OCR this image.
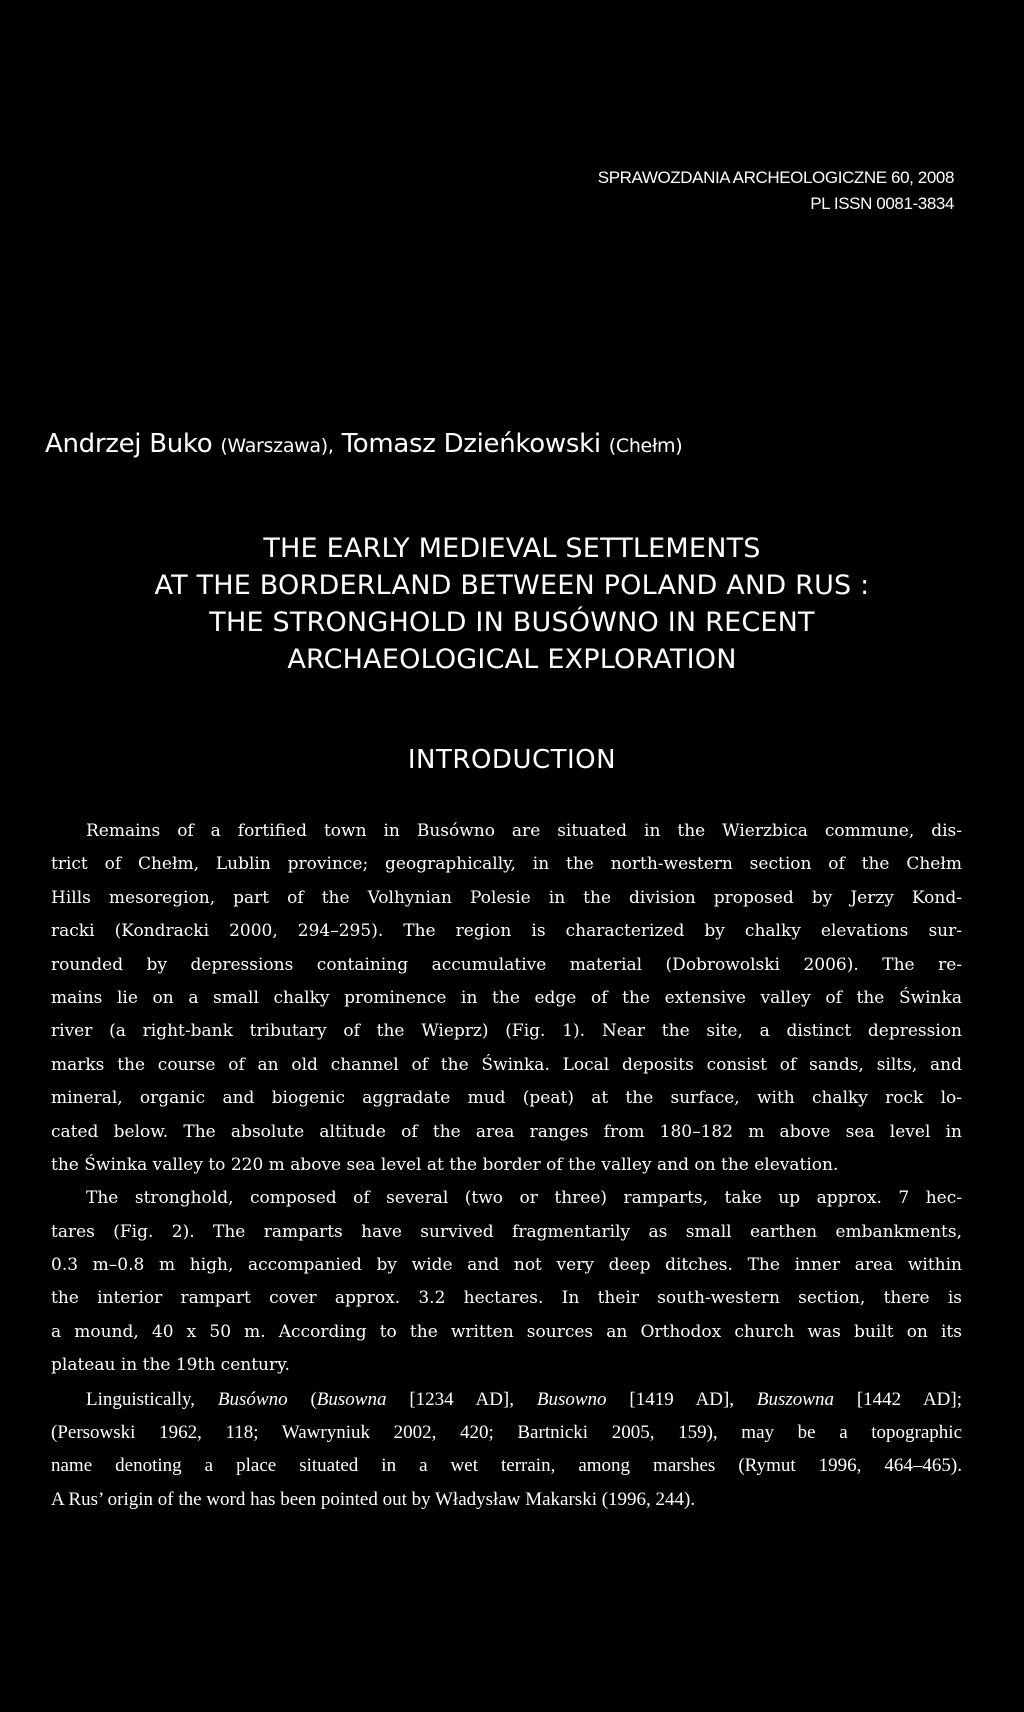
SPRAWOZDANIA ARCHEOLOGICZNE 60, 2008
PL ISSN 0081-3834
Andrzej Buko (Warszawa), Tomasz Dzieńkowski (Chełm)
THE EARLY MEDIEVAL SETTLEMENTS
AT THE BORDERLAND BETWEEN POLAND AND RUS :
THE STRONGHOLD IN BUSÓWNO IN RECENT
ARCHAEOLOGICAL EXPLORATION
INTRODUCTION
Remains of a fortified town in Busówno are situated in the Wierzbica commune, dis-
trict of Chełm, Lublin province; geographically, in the north-western section of the Chełm
Hills mesoregion, part of the Volhynian Polesie in the division proposed by Jerzy Kond-
racki (Kondracki 2000, 294–295). The region is characterized by chalky elevations sur-
rounded by depressions containing accumulative material (Dobrowolski 2006). The re-
mains lie on a small chalky prominence in the edge of the extensive valley of the Świnka
river (a right-bank tributary of the Wieprz) (Fig. 1). Near the site, a distinct depression
marks the course of an old channel of the Świnka. Local deposits consist of sands, silts, and
mineral, organic and biogenic aggradate mud (peat) at the surface, with chalky rock lo-
cated below. The absolute altitude of the area ranges from 180–182 m above sea level in
the Świnka valley to 220 m above sea level at the border of the valley and on the elevation.
The stronghold, composed of several (two or three) ramparts, take up approx. 7 hec-
tares (Fig. 2). The ramparts have survived fragmentarily as small earthen embankments,
0.3 m–0.8 m high, accompanied by wide and not very deep ditches. The inner area within
the interior rampart cover approx. 3.2 hectares. In their south-western section, there is
a mound, 40 x 50 m. According to the written sources an Orthodox church was built on its
plateau in the 19th century.
Linguistically, Busówno (Busowna [1234 AD], Busowno [1419 AD], Buszowna [1442 AD];
(Persowski 1962, 118; Wawryniuk 2002, 420; Bartnicki 2005, 159), may be a topographic
name denoting a place situated in a wet terrain, among marshes (Rymut 1996, 464–465).
A Rus’ origin of the word has been pointed out by Władysław Makarski (1996, 244).
